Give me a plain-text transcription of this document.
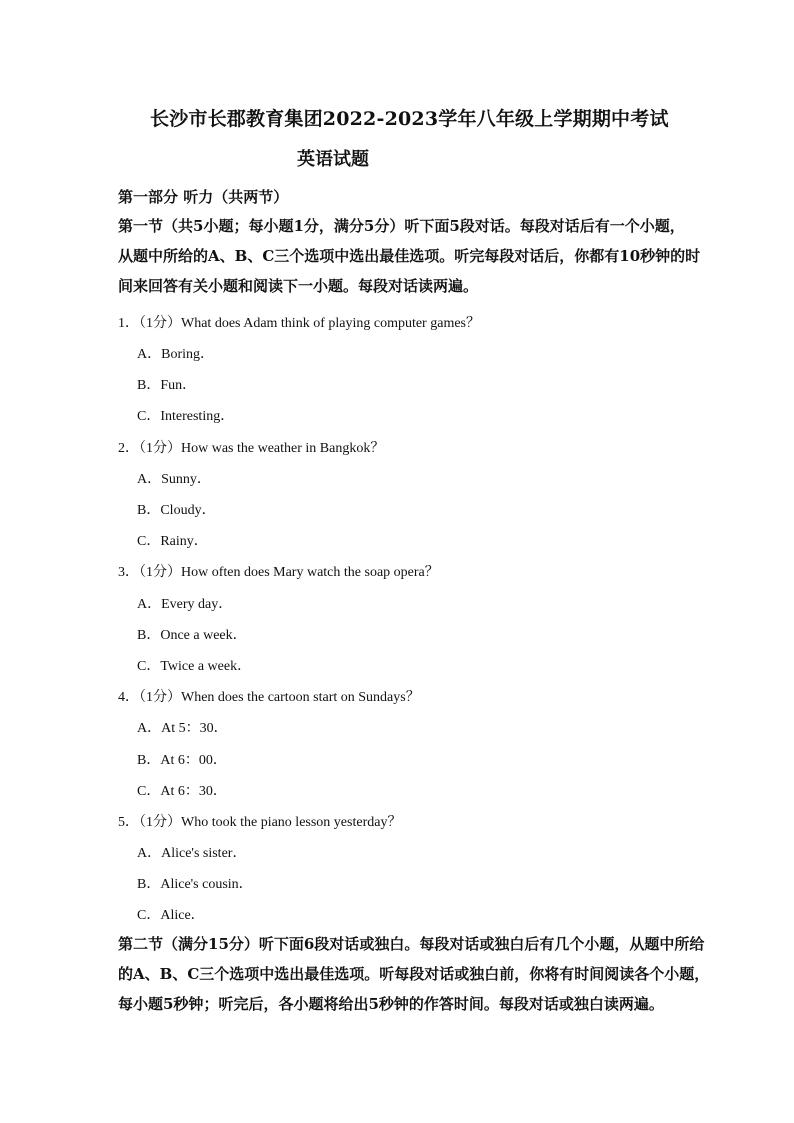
长沙市长郡教育集团2022-2023学年八年级上学期期中考试
英语试题
第一部分 听力（共两节）
第一节（共5小题；每小题1分，满分5分）听下面5段对话。每段对话后有一个小题，
从题中所给的A、B、C三个选项中选出最佳选项。听完每段对话后，你都有10秒钟的时
间来回答有关小题和阅读下一小题。每段对话读两遍。
1．（1分）What does Adam think of playing computer games？
A．Boring．
B．Fun．
C．Interesting．
2．（1分）How was the weather in Bangkok？
A．Sunny．
B．Cloudy．
C．Rainy．
3．（1分）How often does Mary watch the soap opera？
A．Every day．
B．Once a week．
C．Twice a week．
4．（1分）When does the cartoon start on Sundays？
A．At 5：30．
B．At 6：00．
C．At 6：30．
5．（1分）Who took the piano lesson yesterday？
A．Alice's sister．
B．Alice's cousin．
C．Alice．
第二节（满分15分）听下面6段对话或独白。每段对话或独白后有几个小题，从题中所给
的A、B、C三个选项中选出最佳选项。听每段对话或独白前，你将有时间阅读各个小题，
每小题5秒钟；听完后，各小题将给出5秒钟的作答时间。每段对话或独白读两遍。
